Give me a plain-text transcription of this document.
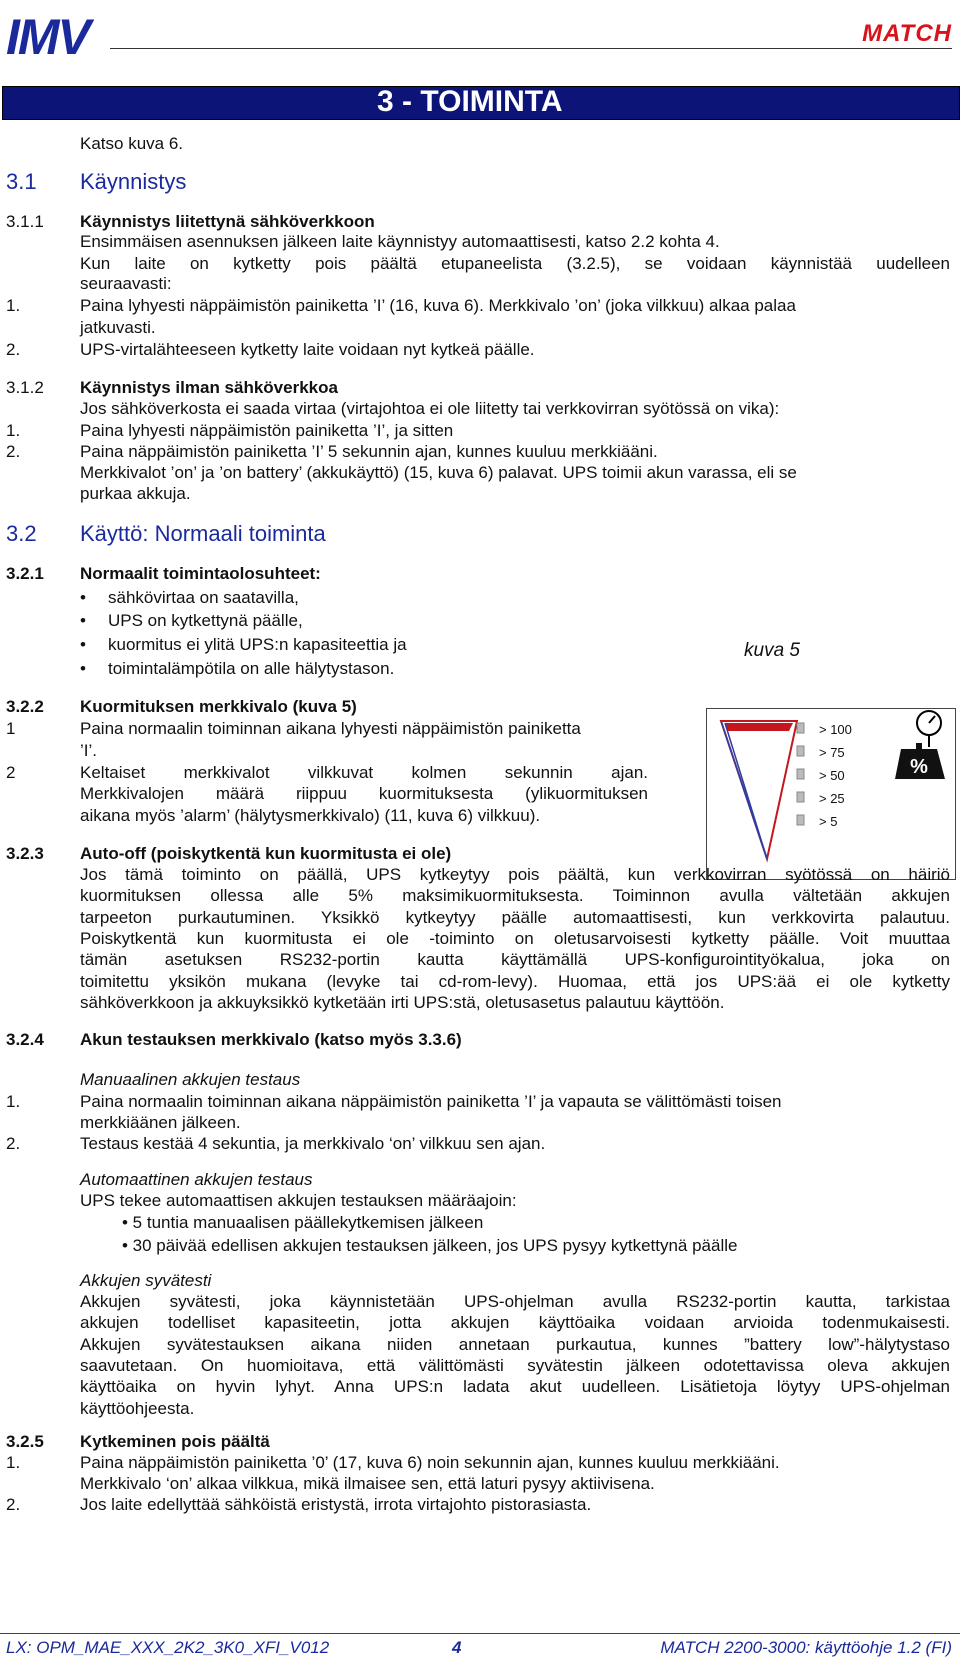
IMV	MATCH
3 - TOIMINTA
Katso kuva 6.
3.1 Käynnistys
3.1.1 Käynnistys liitettynä sähköverkkoon
Ensimmäisen asennuksen jälkeen laite käynnistyy automaattisesti, katso 2.2 kohta 4.
Kun laite on kytketty pois päältä etupaneelista (3.2.5), se voidaan käynnistää uudelleen
seuraavasti:
1.	Paina lyhyesti näppäimistön painiketta ’I’ (16, kuva 6). Merkkivalo ’on’ (joka vilkkuu) alkaa palaa
jatkuvasti.
2.	UPS-virtalähteeseen kytketty laite voidaan nyt kytkeä päälle.
3.1.2 Käynnistys ilman sähköverkkoa
Jos sähköverkosta ei saada virtaa (virtajohtoa ei ole liitetty tai verkkovirran syötössä on vika):
1.	Paina lyhyesti näppäimistön painiketta ’I’, ja sitten
2.	Paina näppäimistön painiketta ’I’ 5 sekunnin ajan, kunnes kuuluu merkkiääni.
Merkkivalot ’on’ ja ’on battery’ (akkukäyttö) (15, kuva 6) palavat. UPS toimii akun varassa, eli se
purkaa akkuja.
3.2 Käyttö: Normaali toiminta
3.2.1 Normaalit toimintaolosuhteet:
• sähkövirtaa on saatavilla,
• UPS on kytkettynä päälle,
• kuormitus ei ylitä UPS:n kapasiteettia ja
• toimintalämpötila on alle hälytystason.
kuva 5
%
> 100
> 75
> 50
> 25
> 5
3.2.2 Kuormituksen merkkivalo (kuva 5)
1	Paina normaalin toiminnan aikana lyhyesti näppäimistön painiketta
’I’.
2	Keltaiset merkkivalot vilkkuvat kolmen sekunnin ajan.
Merkkivalojen määrä riippuu kuormituksesta (ylikuormituksen
aikana myös ’alarm’ (hälytysmerkkivalo) (11, kuva 6) vilkkuu).
3.2.3 Auto-off (poiskytkentä kun kuormitusta ei ole)
Jos tämä toiminto on päällä, UPS kytkeytyy pois päältä, kun verkkovirran syötössä on häiriö
kuormituksen ollessa alle 5% maksimikuormituksesta. Toiminnon avulla vältetään akkujen
tarpeeton purkautuminen. Yksikkö kytkeytyy päälle automaattisesti, kun verkkovirta palautuu.
Poiskytkentä kun kuormitusta ei ole -toiminto on oletusarvoisesti kytketty päälle. Voit muuttaa
tämän asetuksen RS232-portin kautta käyttämällä UPS-konfigurointityökalua, joka on
toimitettu yksikön mukana (levyke tai cd-rom-levy). Huomaa, että jos UPS:ää ei ole kytketty
sähköverkkoon ja akkuyksikkö kytketään irti UPS:stä, oletusasetus palautuu käyttöön.
3.2.4 Akun testauksen merkkivalo (katso myös 3.3.6)
Manuaalinen akkujen testaus
1.	Paina normaalin toiminnan aikana näppäimistön painiketta ’I’ ja vapauta se välittömästi toisen
merkkiäänen jälkeen.
2.	Testaus kestää 4 sekuntia, ja merkkivalo ‘on’ vilkkuu sen ajan.
Automaattinen akkujen testaus
UPS tekee automaattisen akkujen testauksen määräajoin:
• 5 tuntia manuaalisen päällekytkemisen jälkeen
• 30 päivää edellisen akkujen testauksen jälkeen, jos UPS pysyy kytkettynä päälle
Akkujen syvätesti
Akkujen syvätesti, joka käynnistetään UPS-ohjelman avulla RS232-portin kautta, tarkistaa
akkujen todelliset kapasiteetin, jotta akkujen käyttöaika voidaan arvioida todenmukaisesti.
Akkujen syvätestauksen aikana niiden annetaan purkautua, kunnes ”battery low”-hälytystaso
saavutetaan. On huomioitava, että välittömästi syvätestin jälkeen odotettavissa oleva akkujen
käyttöaika on hyvin lyhyt. Anna UPS:n ladata akut uudelleen. Lisätietoja löytyy UPS-ohjelman
käyttöohjeesta.
3.2.5 Kytkeminen pois päältä
1.	Paina näppäimistön painiketta ’0’ (17, kuva 6) noin sekunnin ajan, kunnes kuuluu merkkiääni.
Merkkivalo ‘on’ alkaa vilkkua, mikä ilmaisee sen, että laturi pysyy aktiivisena.
2.	Jos laite edellyttää sähköistä eristystä, irrota virtajohto pistorasiasta.
LX: OPM_MAE_XXX_2K2_3K0_XFI_V012	4	MATCH 2200-3000: käyttöohje 1.2 (FI)
